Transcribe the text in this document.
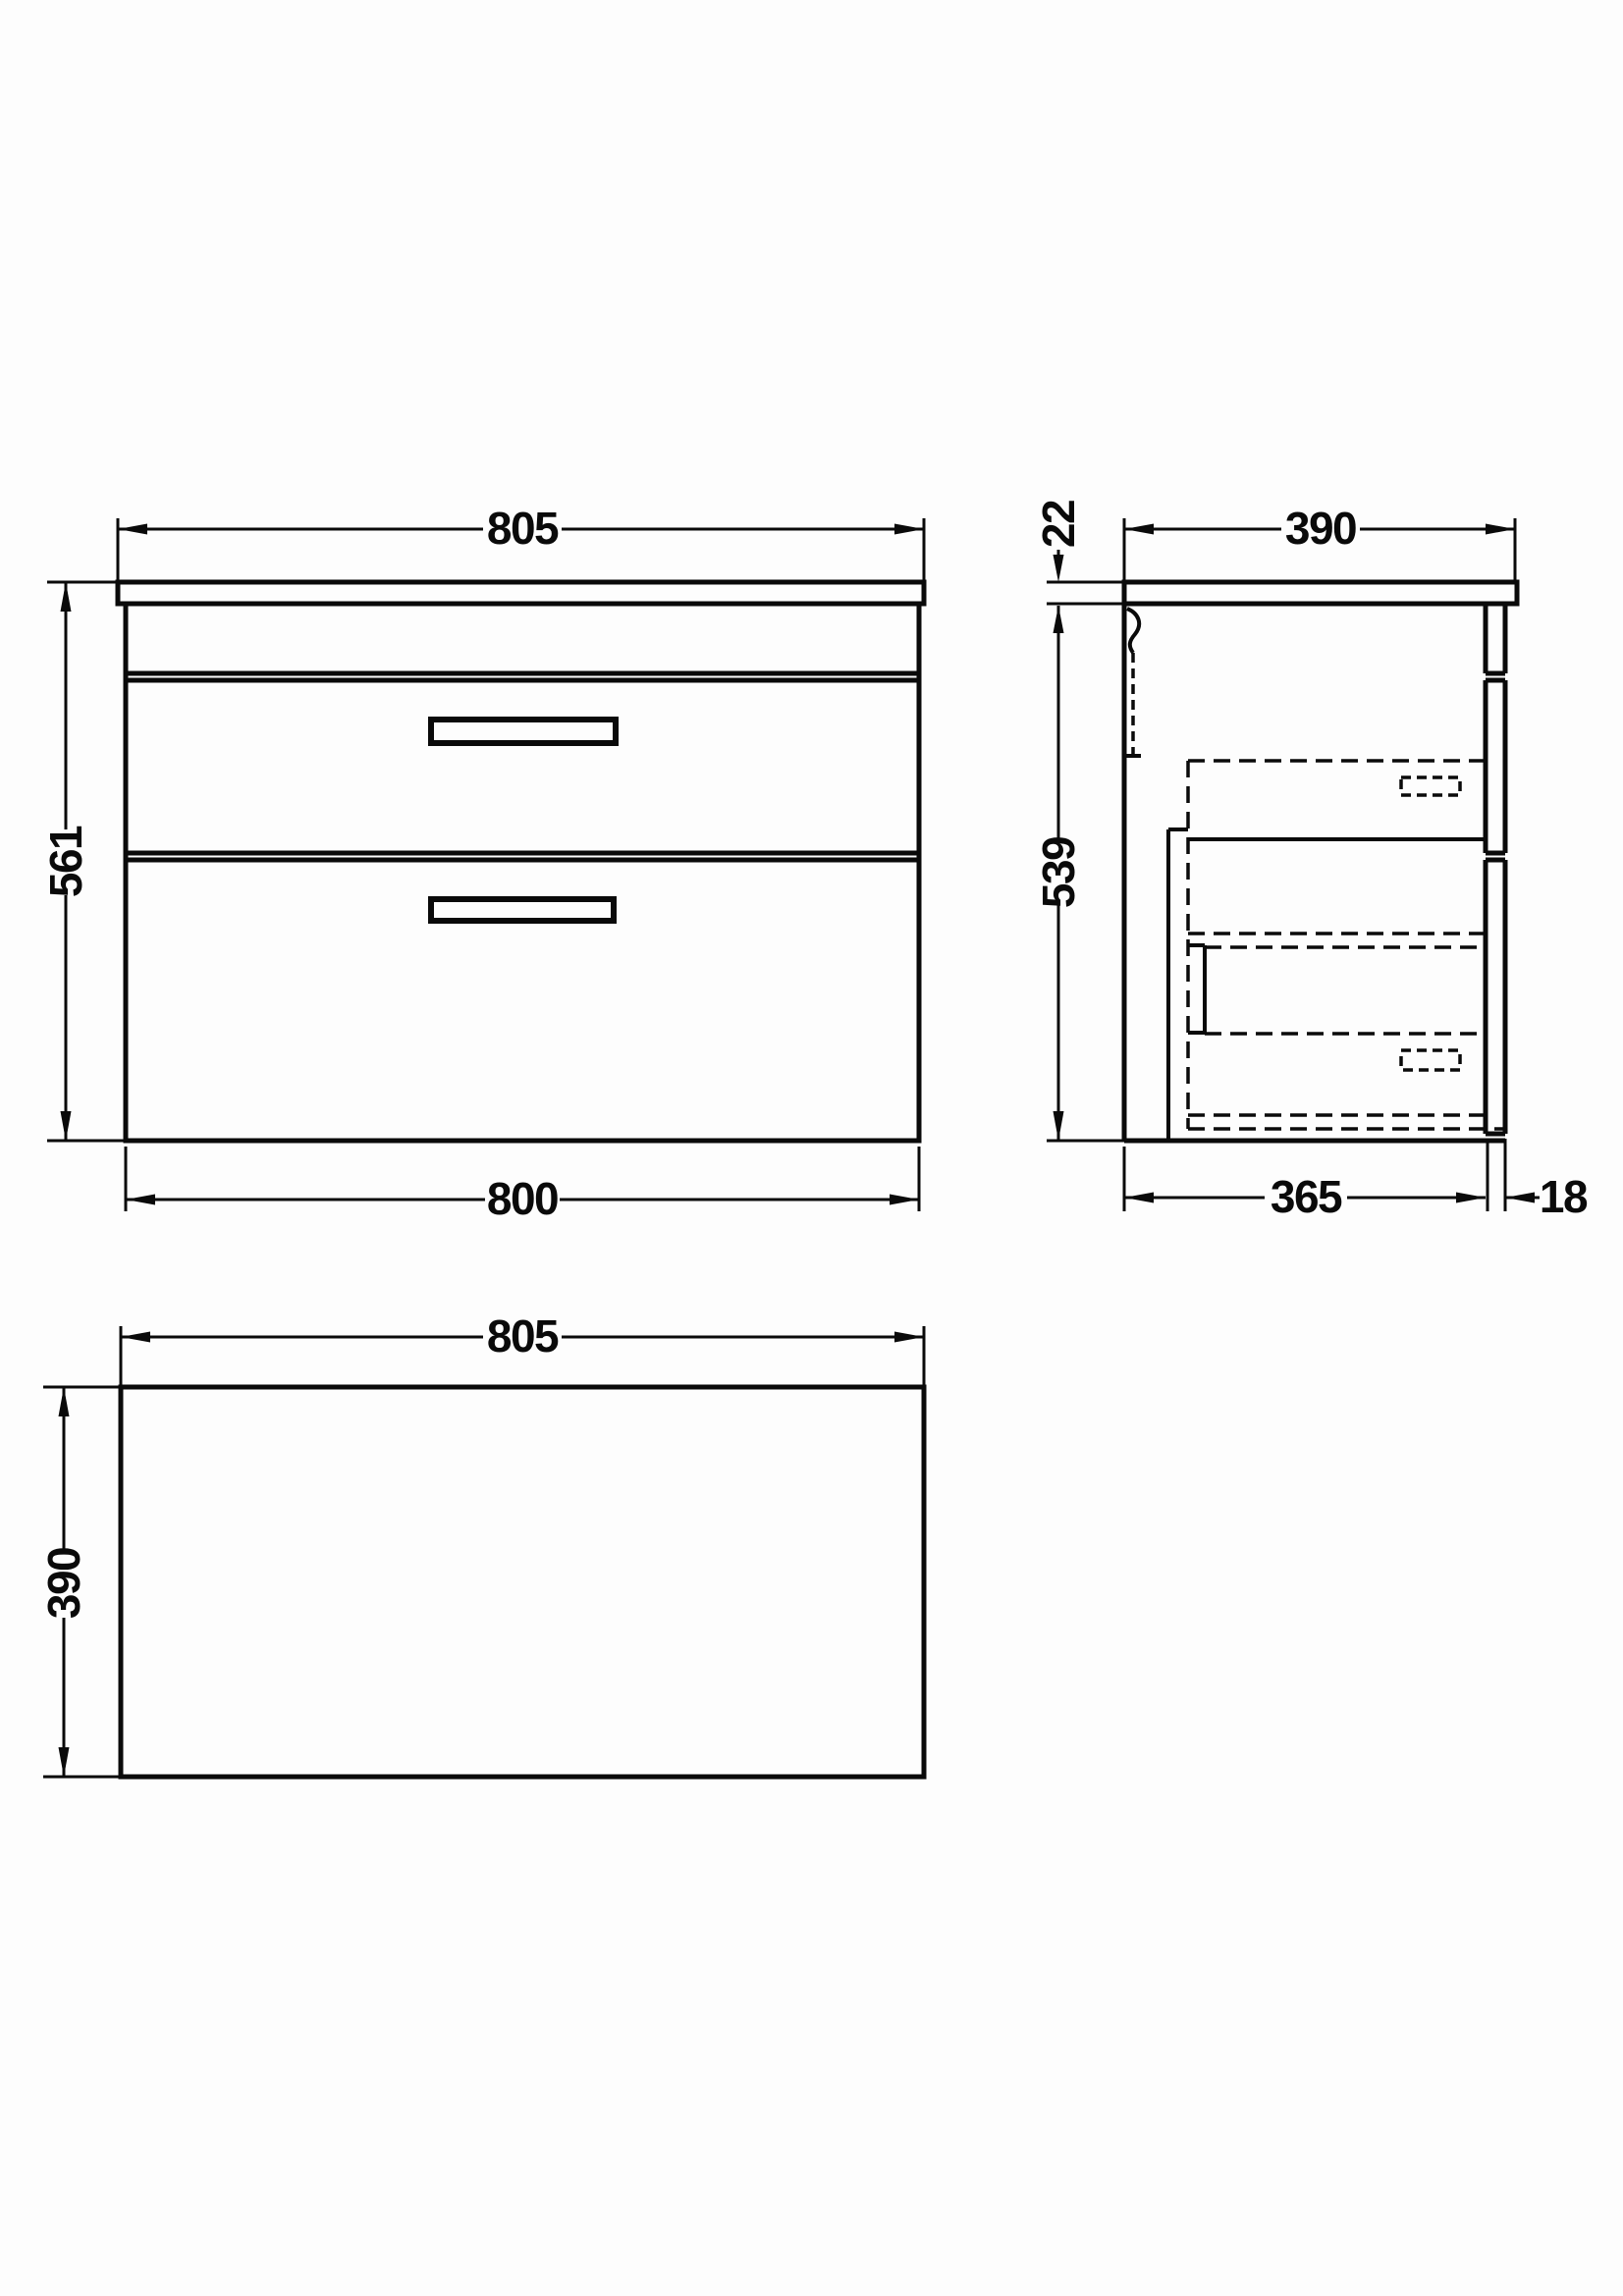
805
561
800
390
22
539
365	18
805
390
